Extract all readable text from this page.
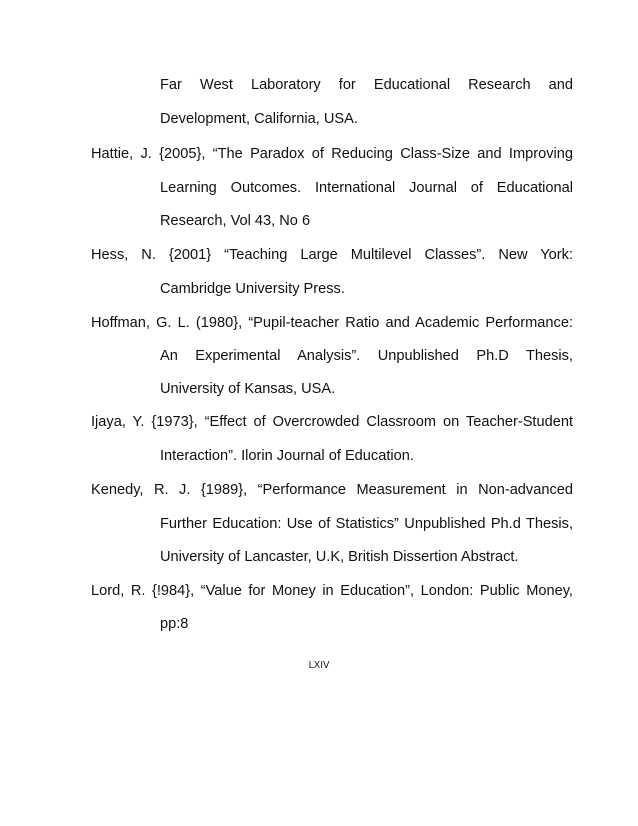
Far West Laboratory for Educational Research and
Development, California, USA.
Hattie, J. {2005}, “The Paradox of Reducing Class-Size and Improving
Learning Outcomes. International Journal of Educational
Research, Vol 43, No 6
Hess, N. {2001} “Teaching Large Multilevel Classes”. New York:
Cambridge University Press.
Hoffman, G. L. (1980}, “Pupil-teacher Ratio and Academic Performance:
An Experimental Analysis”. Unpublished Ph.D Thesis,
University of Kansas, USA.
Ijaya, Y. {1973}, “Effect of Overcrowded Classroom on Teacher-Student
Interaction”. Ilorin Journal of Education.
Kenedy, R. J. {1989}, “Performance Measurement in Non-advanced
Further Education: Use of Statistics” Unpublished Ph.d Thesis,
University of Lancaster, U.K, British Dissertion Abstract.
Lord, R. {!984}, “Value for Money in Education”, London: Public Money,
pp:8
LXIV
